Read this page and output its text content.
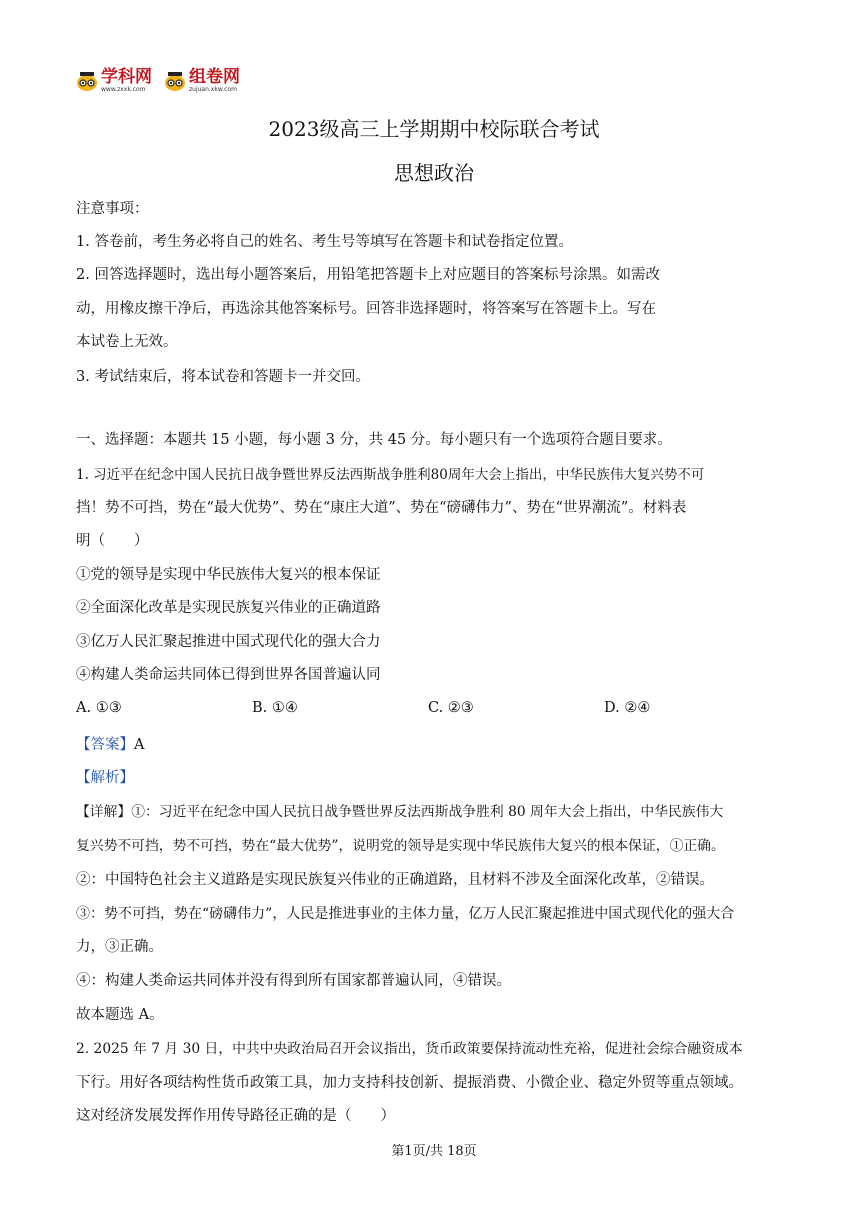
学科网
www.zxxk.com
组卷网
zujuan.xkw.com
2023级高三上学期期中校际联合考试
思想政治
注意事项：
1. 答卷前，考生务必将自己的姓名、考生号等填写在答题卡和试卷指定位置。
2. 回答选择题时，选出每小题答案后，用铅笔把答题卡上对应题目的答案标号涂黑。如需改
动，用橡皮擦干净后，再选涂其他答案标号。回答非选择题时，将答案写在答题卡上。写在
本试卷上无效。
3. 考试结束后，将本试卷和答题卡一并交回。
一、选择题：本题共 15 小题，每小题 3 分，共 45 分。每小题只有一个选项符合题目要求。
1. 习近平在纪念中国人民抗日战争暨世界反法西斯战争胜利80周年大会上指出，中华民族伟大复兴势不可
挡！势不可挡，势在“最大优势”、势在“康庄大道”、势在“磅礴伟力”、势在“世界潮流”。材料表
明（　　）
①党的领导是实现中华民族伟大复兴的根本保证
②全面深化改革是实现民族复兴伟业的正确道路
③亿万人民汇聚起推进中国式现代化的强大合力
④构建人类命运共同体已得到世界各国普遍认同
A. ①③	B. ①④	C. ②③	D. ②④
【答案】A
【解析】
【详解】①：习近平在纪念中国人民抗日战争暨世界反法西斯战争胜利 80 周年大会上指出，中华民族伟大
复兴势不可挡，势不可挡，势在“最大优势”，说明党的领导是实现中华民族伟大复兴的根本保证，①正确。
②：中国特色社会主义道路是实现民族复兴伟业的正确道路，且材料不涉及全面深化改革，②错误。
③：势不可挡，势在“磅礴伟力”，人民是推进事业的主体力量，亿万人民汇聚起推进中国式现代化的强大合
力，③正确。
④：构建人类命运共同体并没有得到所有国家都普遍认同，④错误。
故本题选 A。
2. 2025 年 7 月 30 日，中共中央政治局召开会议指出，货币政策要保持流动性充裕，促进社会综合融资成本
下行。用好各项结构性货币政策工具，加力支持科技创新、提振消费、小微企业、稳定外贸等重点领域。
这对经济发展发挥作用传导路径正确的是（　　）
第1页/共 18页
